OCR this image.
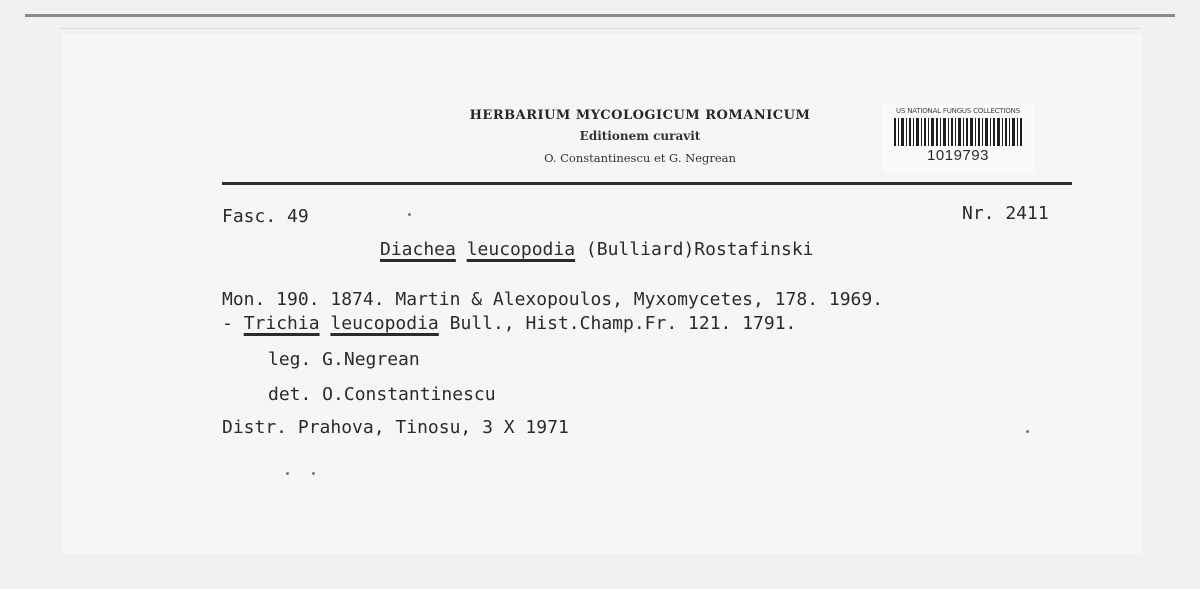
HERBARIUM MYCOLOGICUM ROMANICUM
Editionem curavit
O. Constantinescu et G. Negrean
US NATIONAL FUNGUS COLLECTIONS
1019793
Fasc. 49	Nr. 2411
Diachea leucopodia (Bulliard)Rostafinski
Mon. 190. 1874. Martin & Alexopoulos, Myxomycetes, 178. 1969.
- Trichia leucopodia Bull., Hist.Champ.Fr. 121. 1791.
leg. G.Negrean
det. O.Constantinescu
Distr. Prahova, Tinosu, 3 X 1971
